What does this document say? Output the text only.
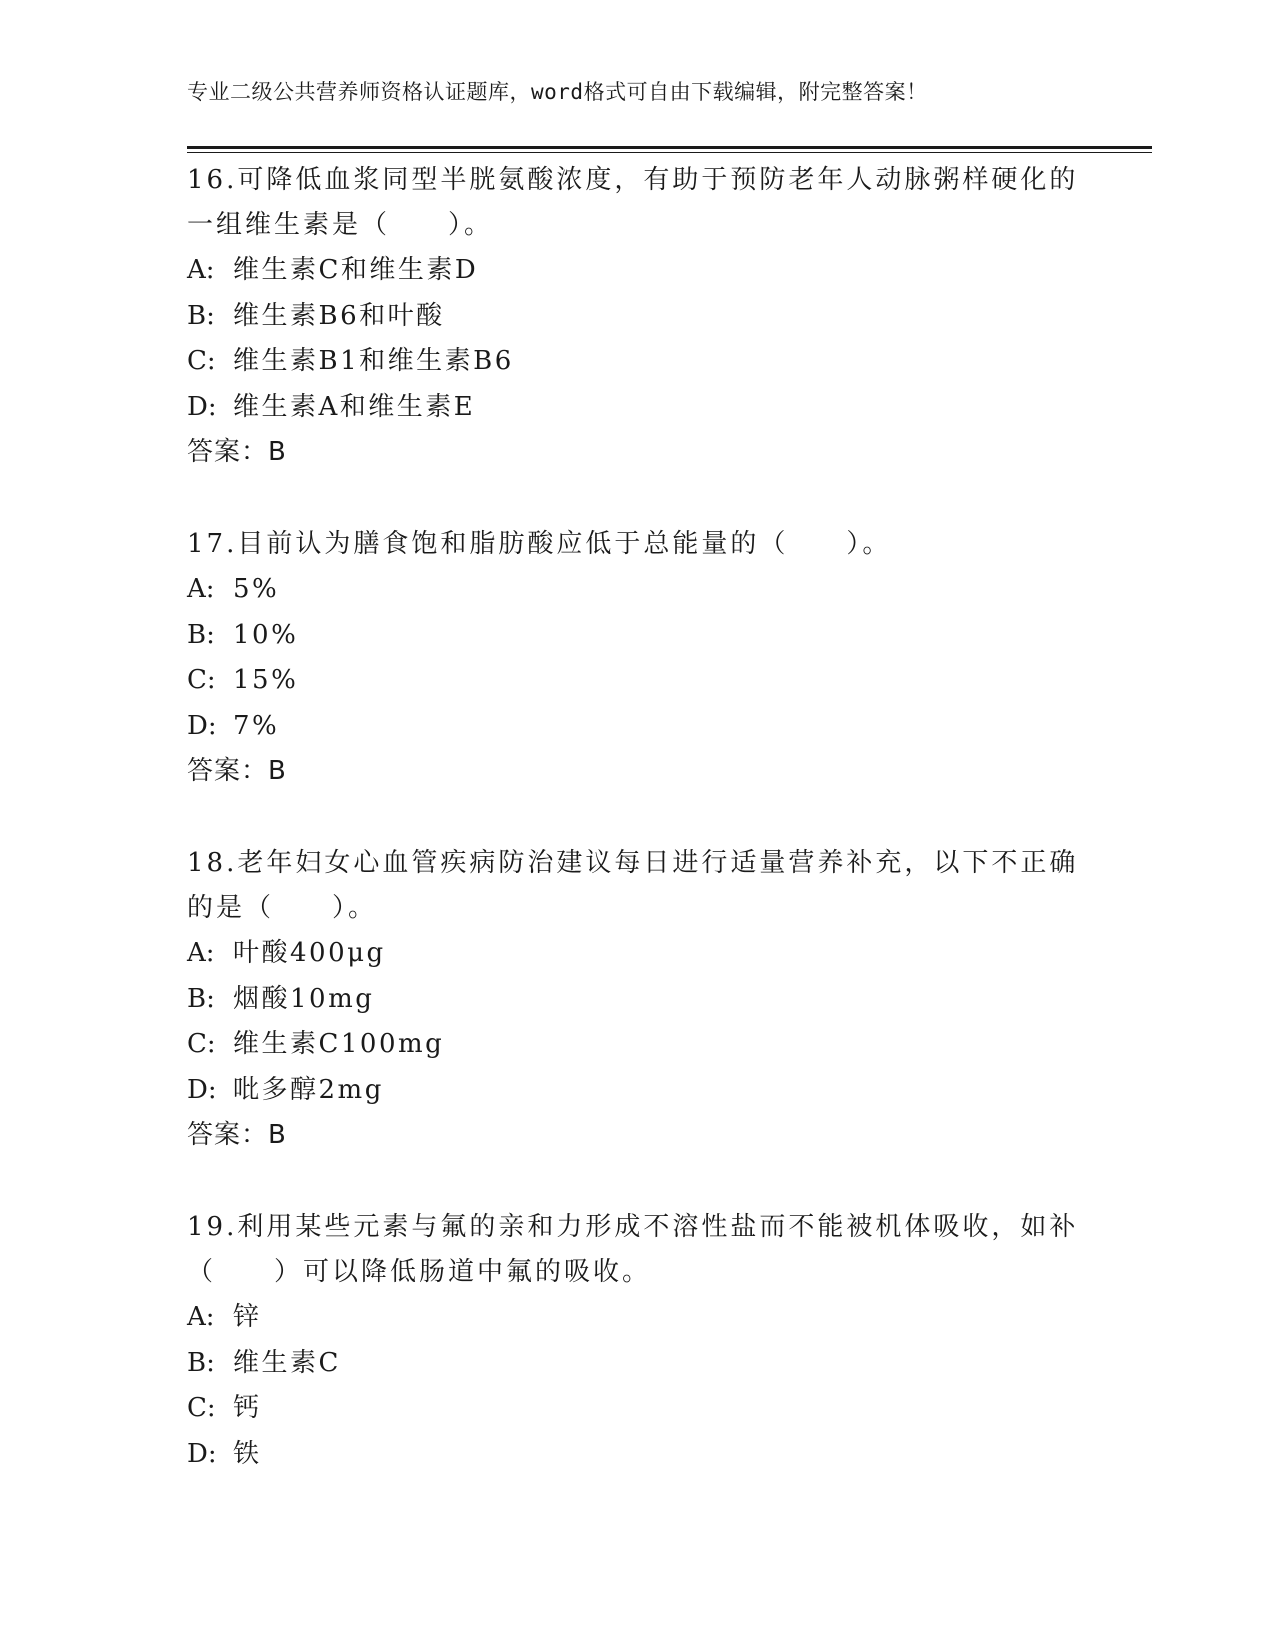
专业二级公共营养师资格认证题库，word格式可自由下载编辑，附完整答案！
16.可降低血浆同型半胱氨酸浓度，有助于预防老年人动脉粥样硬化的
一组维生素是（　　）。
A: 维生素C和维生素D
B: 维生素B6和叶酸
C: 维生素B1和维生素B6
D: 维生素A和维生素E
答案：B
17.目前认为膳食饱和脂肪酸应低于总能量的（　　）。
A: 5%
B: 10%
C: 15%
D: 7%
答案：B
18.老年妇女心血管疾病防治建议每日进行适量营养补充，以下不正确
的是（　　）。
A: 叶酸400μg
B: 烟酸10mg
C: 维生素C100mg
D: 吡多醇2mg
答案：B
19.利用某些元素与氟的亲和力形成不溶性盐而不能被机体吸收，如补
（　　）可以降低肠道中氟的吸收。
A: 锌
B: 维生素C
C: 钙
D: 铁
